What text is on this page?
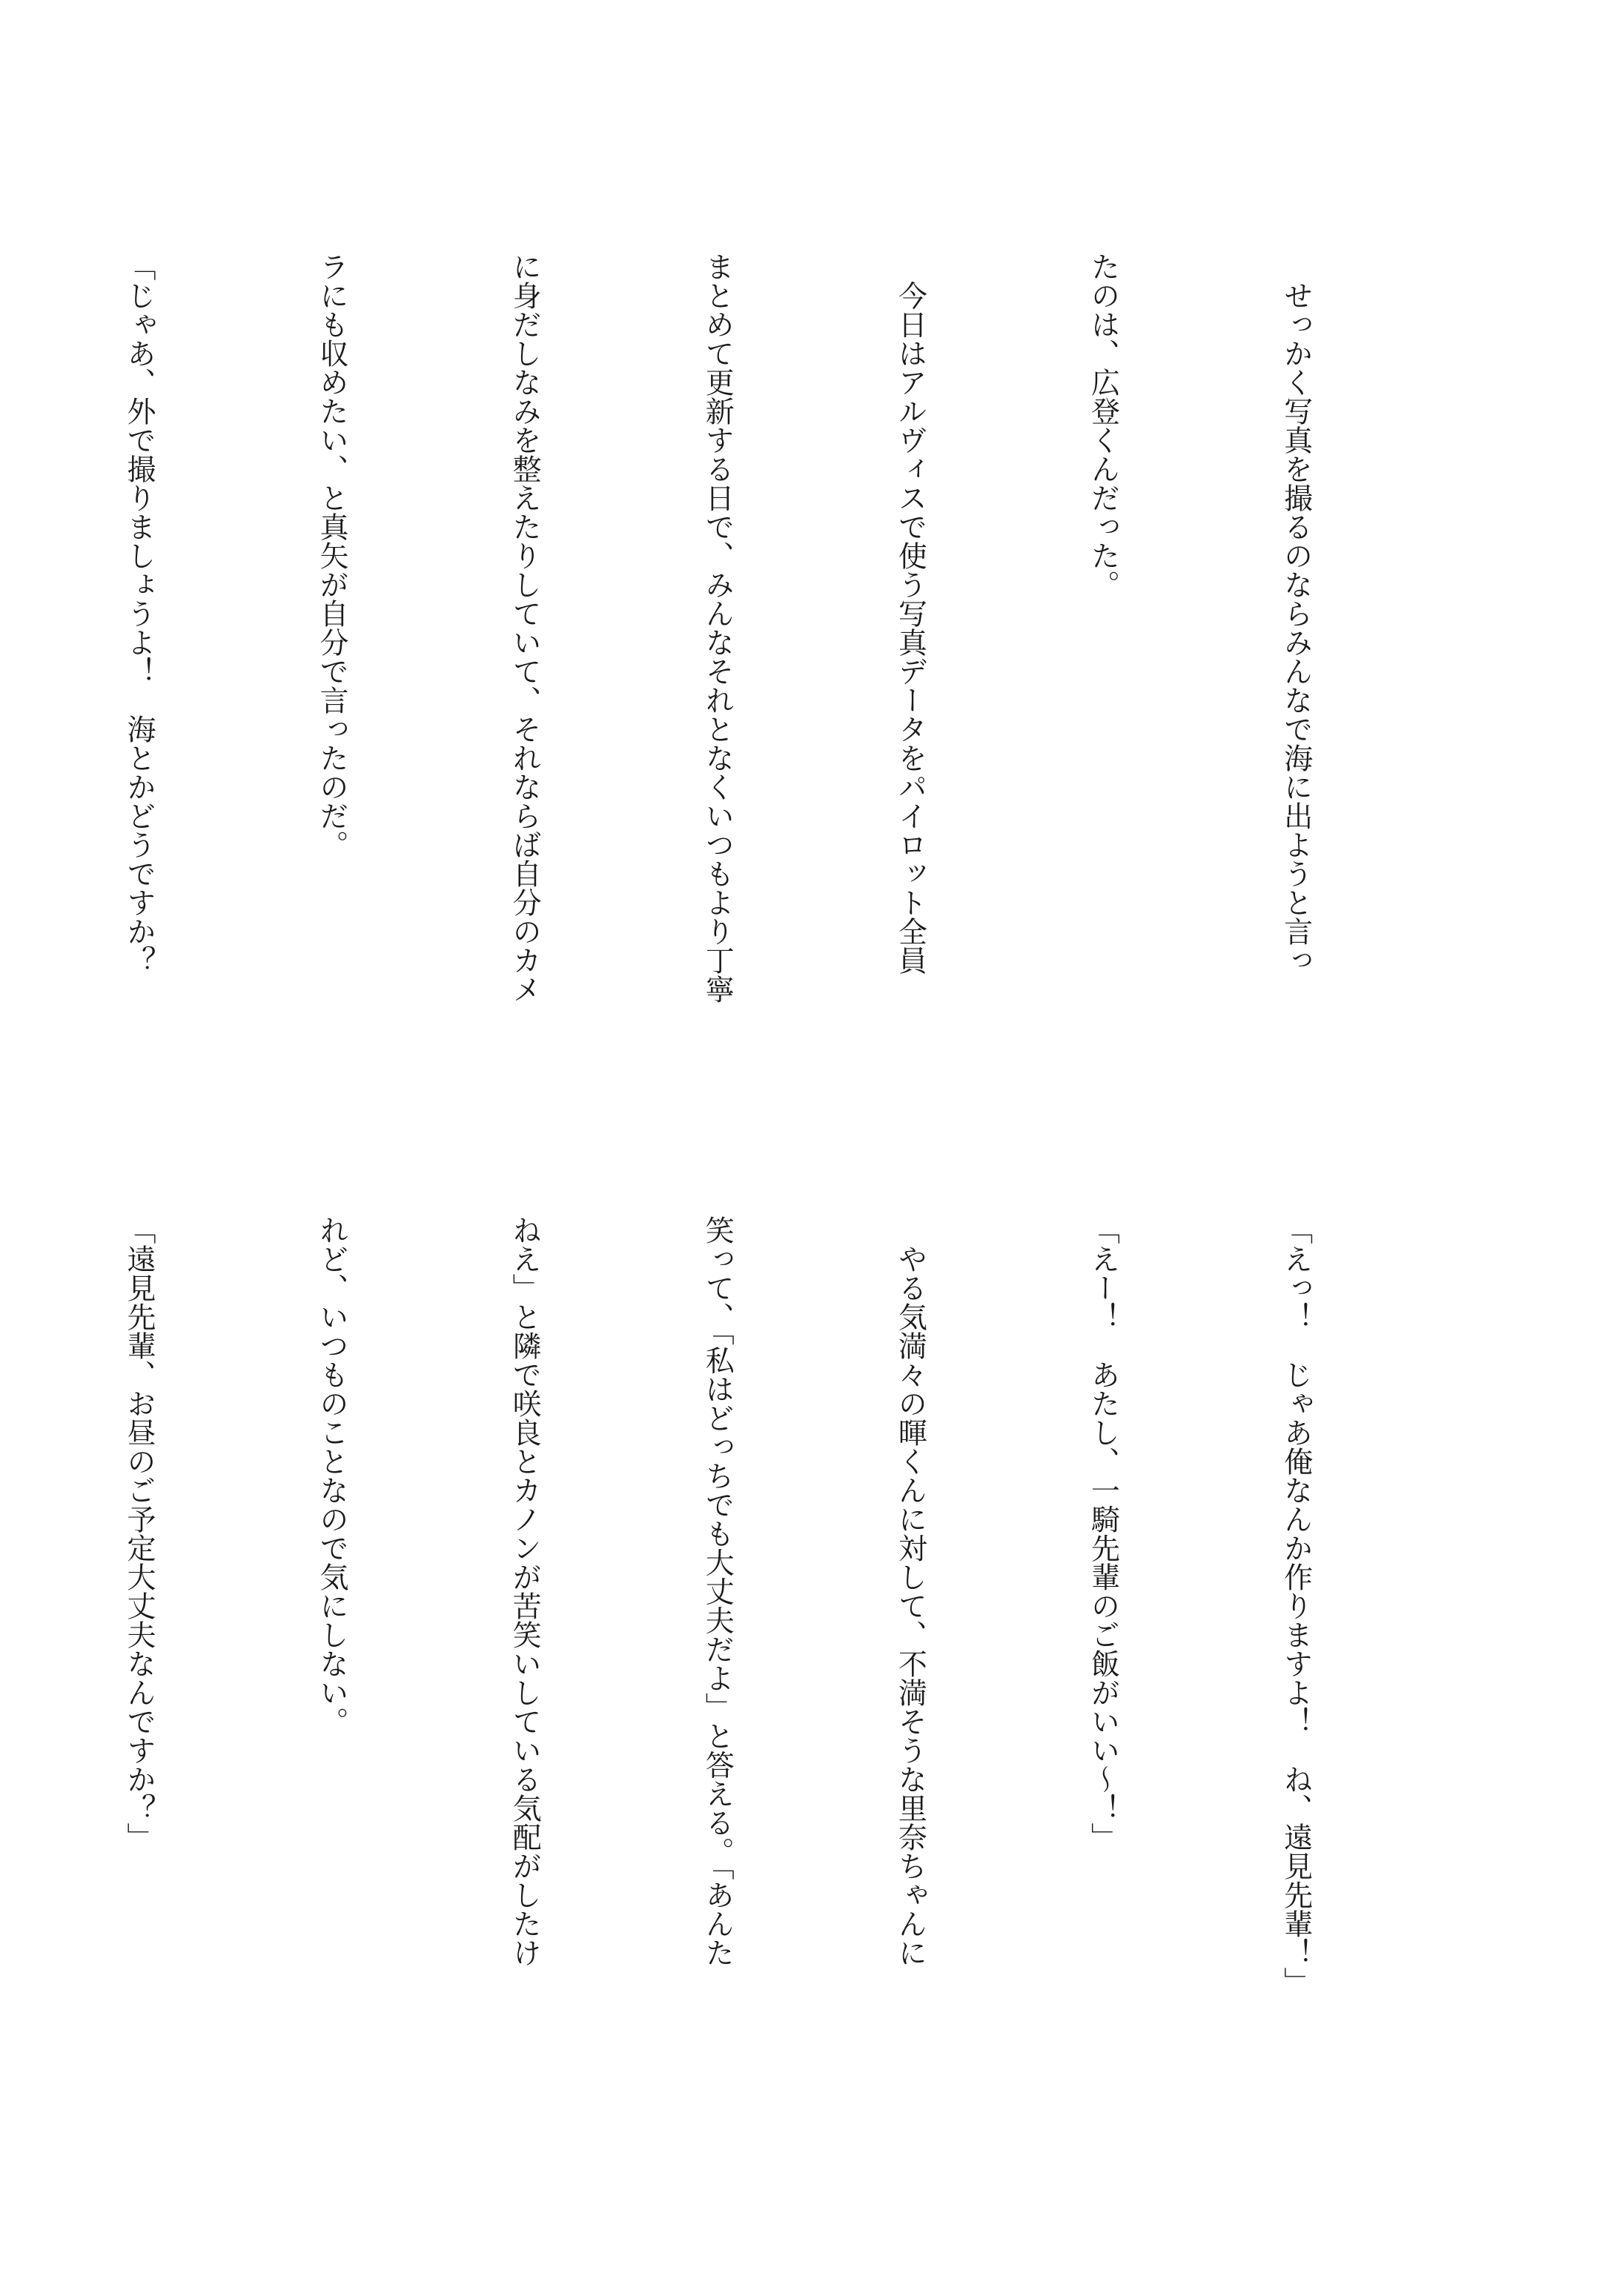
　せっかく写真を撮るのならみんなで海に出ようと言っ

たのは、広登くんだった。

　今日はアルヴィスで使う写真データをパイロット全員

まとめて更新する日で、みんなそれとなくいつもより丁寧

に身だしなみを整えたりしていて、それならば自分のカメ

ラにも収めたい、と真矢が自分で言ったのだ。

「じゃあ、外で撮りましょうよ！　海とかどうですか？

「えっ！　じゃあ俺なんか作りますよ！　ね、遠見先輩！」

「えー！　あたし、一騎先輩のご飯がいい～！」

　やる気満々の暉くんに対して、不満そうな里奈ちゃんに

笑って、「私はどっちでも大丈夫だよ」と答える。「あんた

ねえ」と隣で咲良とカノンが苦笑いしている気配がしたけ

れど、いつものことなので気にしない。

「遠見先輩、お昼のご予定大丈夫なんですか？」
